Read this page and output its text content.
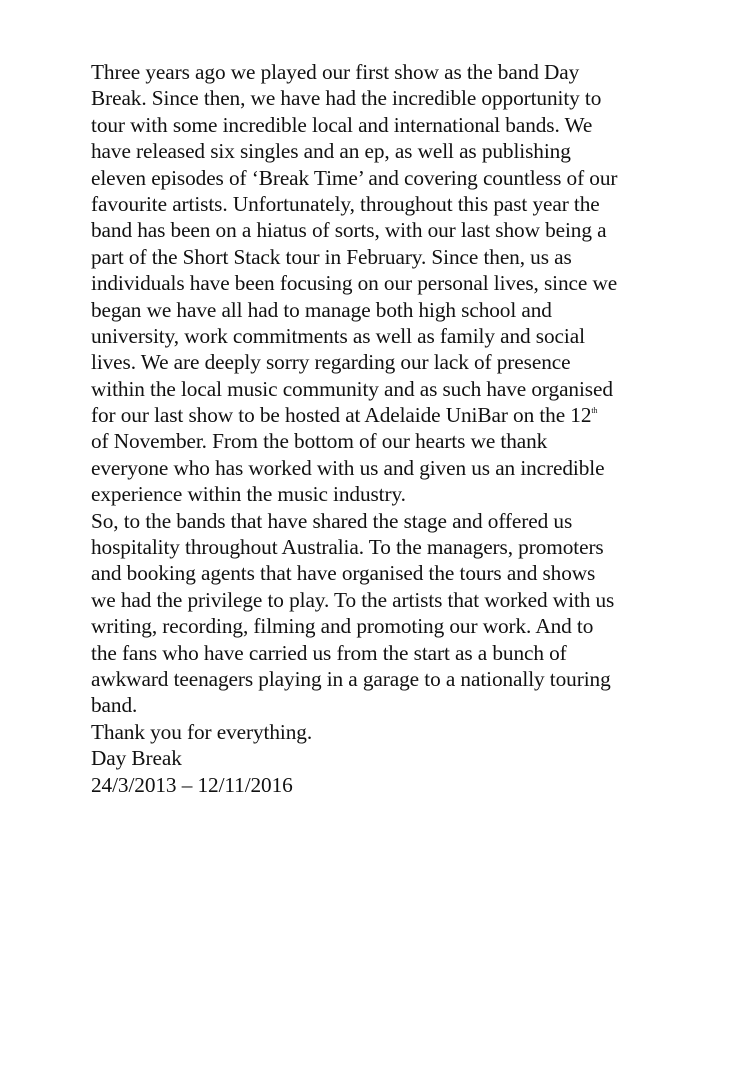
Three years ago we played our first show as the band Day
Break. Since then, we have had the incredible opportunity to
tour with some incredible local and international bands. We
have released six singles and an ep, as well as publishing
eleven episodes of ‘Break Time’ and covering countless of our
favourite artists. Unfortunately, throughout this past year the
band has been on a hiatus of sorts, with our last show being a
part of the Short Stack tour in February. Since then, us as
individuals have been focusing on our personal lives, since we
began we have all had to manage both high school and
university, work commitments as well as family and social
lives. We are deeply sorry regarding our lack of presence
within the local music community and as such have organised
for our last show to be hosted at Adelaide UniBar on the 12th
of November. From the bottom of our hearts we thank
everyone who has worked with us and given us an incredible
experience within the music industry.
So, to the bands that have shared the stage and offered us
hospitality throughout Australia. To the managers, promoters
and booking agents that have organised the tours and shows
we had the privilege to play. To the artists that worked with us
writing, recording, filming and promoting our work. And to
the fans who have carried us from the start as a bunch of
awkward teenagers playing in a garage to a nationally touring
band.
Thank you for everything.
Day Break
24/3/2013 – 12/11/2016
